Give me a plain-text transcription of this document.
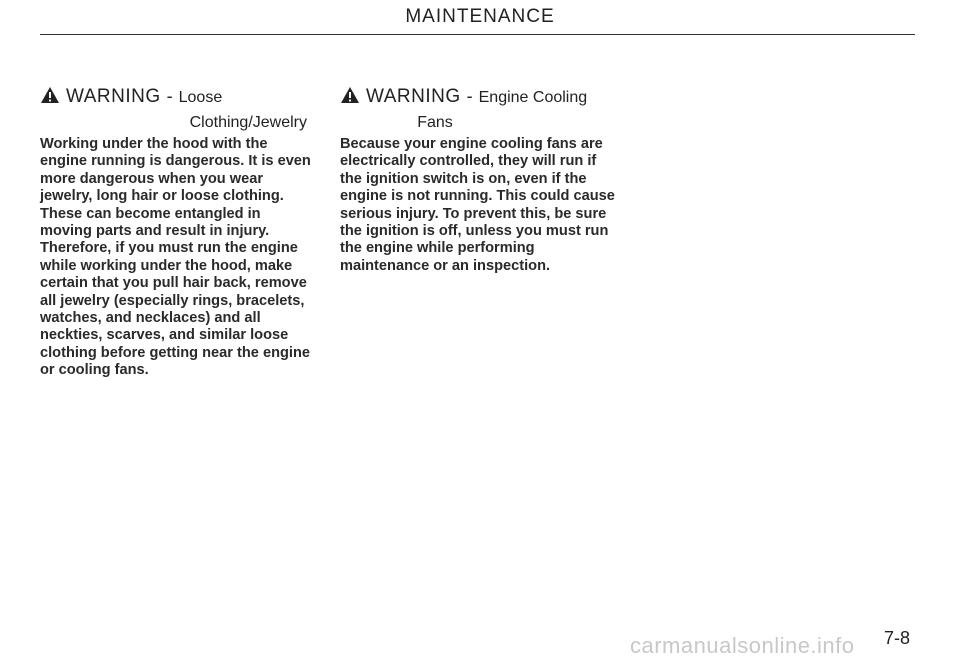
MAINTENANCE
WARNING - Loose
Clothing/Jewelry

Working under the hood with the engine running is dangerous. It is even more dangerous when you wear jewelry, long hair or loose clothing. These can become entangled in moving parts and result in injury. Therefore, if you must run the engine while working under the hood, make certain that you pull hair back, remove all jewelry (especially rings, bracelets, watches, and necklaces) and all neckties, scarves, and similar loose clothing before getting near the engine or cooling fans.

WARNING - Engine Cooling
Fans

Because your engine cooling fans are electrically controlled, they will run if the ignition switch is on, even if the engine is not running. This could cause serious injury. To prevent this, be sure the ignition is off, unless you must run the engine while performing maintenance or an inspection.

carmanualsonline.info 7-8
